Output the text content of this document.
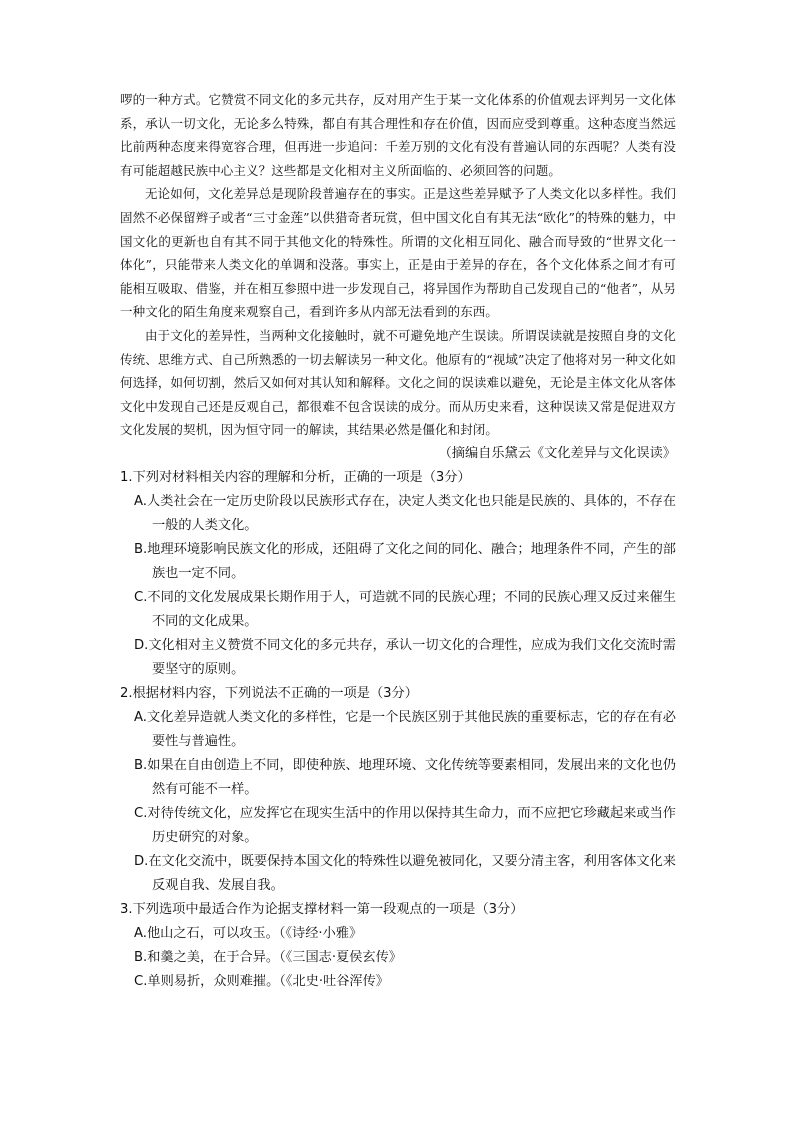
啰的一种方式。它赞赏不同文化的多元共存，反对用产生于某一文化体系的价值观去评判另一文化体系，承认一切文化，无论多么特殊，都自有其合理性和存在价值，因而应受到尊重。这种态度当然远比前两种态度来得宽容合理，但再进一步追问：千差万别的文化有没有普遍认同的东西呢？人类有没有可能超越民族中心主义？这些都是文化相对主义所面临的、必须回答的问题。

无论如何，文化差异总是现阶段普遍存在的事实。正是这些差异赋予了人类文化以多样性。我们固然不必保留辫子或者“三寸金莲”以供猎奇者玩赏，但中国文化自有其无法“欧化”的特殊的魅力，中国文化的更新也自有其不同于其他文化的特殊性。所谓的文化相互同化、融合而导致的“世界文化一体化”，只能带来人类文化的单调和没落。事实上，正是由于差异的存在，各个文化体系之间才有可能相互吸取、借鉴，并在相互参照中进一步发现自己，将异国作为帮助自己发现自己的“他者”，从另一种文化的陌生角度来观察自己，看到许多从内部无法看到的东西。

由于文化的差异性，当两种文化接触时，就不可避免地产生误读。所谓误读就是按照自身的文化传统、思维方式、自己所熟悉的一切去解读另一种文化。他原有的“视域”决定了他将对另一种文化如何选择，如何切割，然后又如何对其认知和解释。文化之间的误读难以避免，无论是主体文化从客体文化中发现自己还是反观自己，都很难不包含误读的成分。而从历史来看，这种误读又常是促进双方文化发展的契机，因为恒守同一的解读，其结果必然是僵化和封闭。

（摘编自乐黛云《文化差异与文化误读》

1.下列对材料相关内容的理解和分析，正确的一项是（3分）

A.人类社会在一定历史阶段以民族形式存在，决定人类文化也只能是民族的、具体的，不存在一般的人类文化。

B.地理环境影响民族文化的形成，还阻碍了文化之间的同化、融合；地理条件不同，产生的部族也一定不同。

C.不同的文化发展成果长期作用于人，可造就不同的民族心理；不同的民族心理又反过来催生不同的文化成果。

D.文化相对主义赞赏不同文化的多元共存，承认一切文化的合理性，应成为我们文化交流时需要坚守的原则。

2.根据材料内容，下列说法不正确的一项是（3分）

A.文化差异造就人类文化的多样性，它是一个民族区别于其他民族的重要标志，它的存在有必要性与普遍性。

B.如果在自由创造上不同，即使种族、地理环境、文化传统等要素相同，发展出来的文化也仍然有可能不一样。

C.对待传统文化，应发挥它在现实生活中的作用以保持其生命力，而不应把它珍藏起来或当作历史研究的对象。

D.在文化交流中，既要保持本国文化的特殊性以避免被同化，又要分清主客，利用客体文化来反观自我、发展自我。

3.下列选项中最适合作为论据支撑材料一第一段观点的一项是（3分）

A.他山之石，可以攻玉。（《诗经·小雅》

B.和羹之美，在于合异。（《三国志·夏侯玄传》

C.单则易折，众则难摧。（《北史·吐谷浑传》
